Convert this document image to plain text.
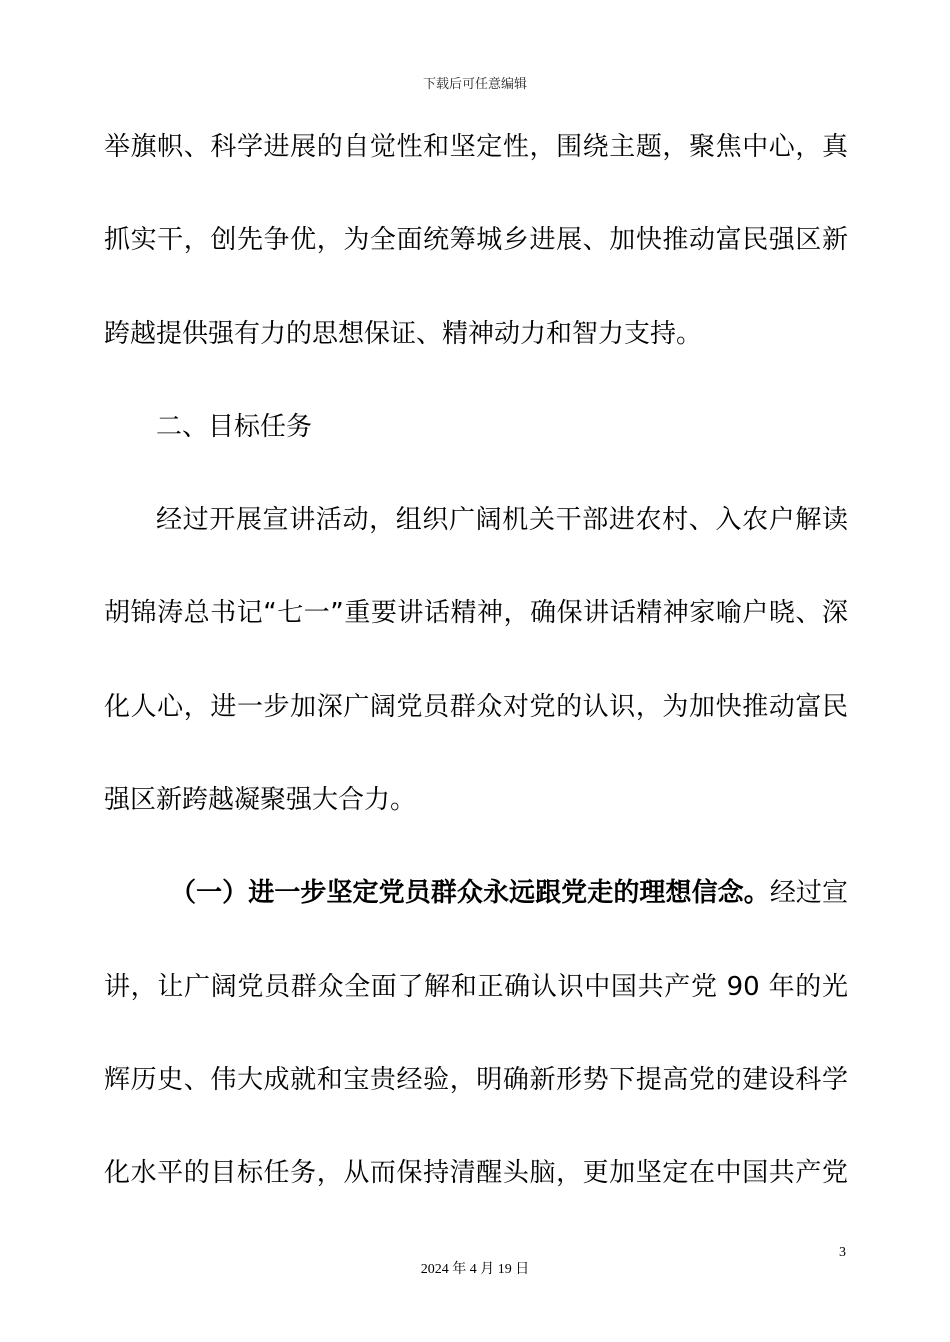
下载后可任意编辑
举旗帜、科学进展的自觉性和坚定性，围绕主题，聚焦中心，真
抓实干，创先争优，为全面统筹城乡进展、加快推动富民强区新
跨越提供强有力的思想保证、精神动力和智力支持。
二、目标任务
经过开展宣讲活动，组织广阔机关干部进农村、入农户解读
胡锦涛总书记“七一”重要讲话精神，确保讲话精神家喻户晓、深
化人心，进一步加深广阔党员群众对党的认识，为加快推动富民
强区新跨越凝聚强大合力。
（一）进一步坚定党员群众永远跟党走的理想信念。经过宣
讲，让广阔党员群众全面了解和正确认识中国共产党 90 年的光
辉历史、伟大成就和宝贵经验，明确新形势下提高党的建设科学
化水平的目标任务，从而保持清醒头脑，更加坚定在中国共产党
3
2024 年 4 月 19 日
